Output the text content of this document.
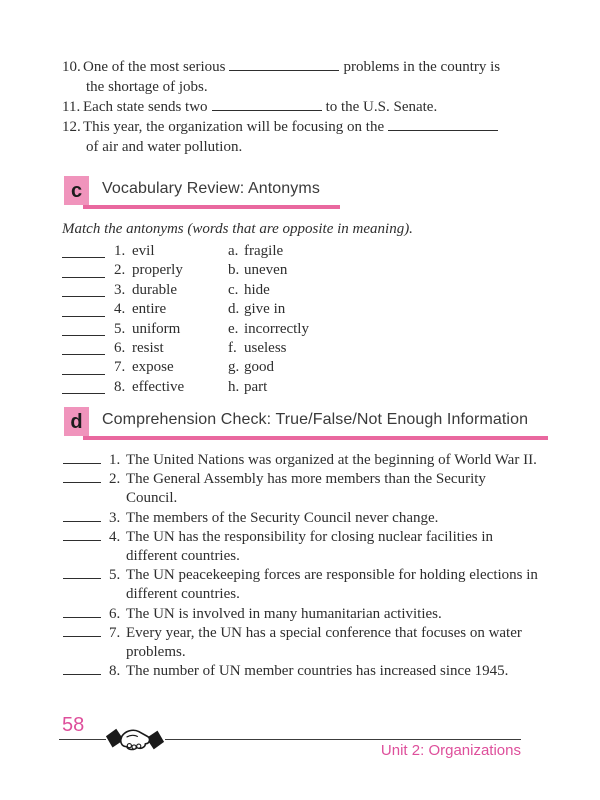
10. One of the most serious	problems in the country is the shortage of jobs.
11. Each state sends two	to the U.S. Senate.
12. This year, the organization will be focusing on theof air and water pollution.
c	Vocabulary Review: Antonyms
Match the antonyms (words that are opposite in meaning).
1. evil	a. fragile
2. properly	b. uneven
3. durable	c. hide
4. entire	d. give in
5. uniform	e. incorrectly
6. resist	f. useless
7. expose	g. good
8. effective	h. part
d	Comprehension Check: True/False/Not Enough Information
1. The United Nations was organized at the beginning of World War II.
2. The General Assembly has more members than the Security Council.
3. The members of the Security Council never change.
4. The UN has the responsibility for closing nuclear facilities in different countries.
5. The UN peacekeeping forces are responsible for holding elections in different countries.
6. The UN is involved in many humanitarian activities.
7. Every year, the UN has a special conference that focuses on water problems.
8. The number of UN member countries has increased since 1945.
58
Unit 2: Organizations
